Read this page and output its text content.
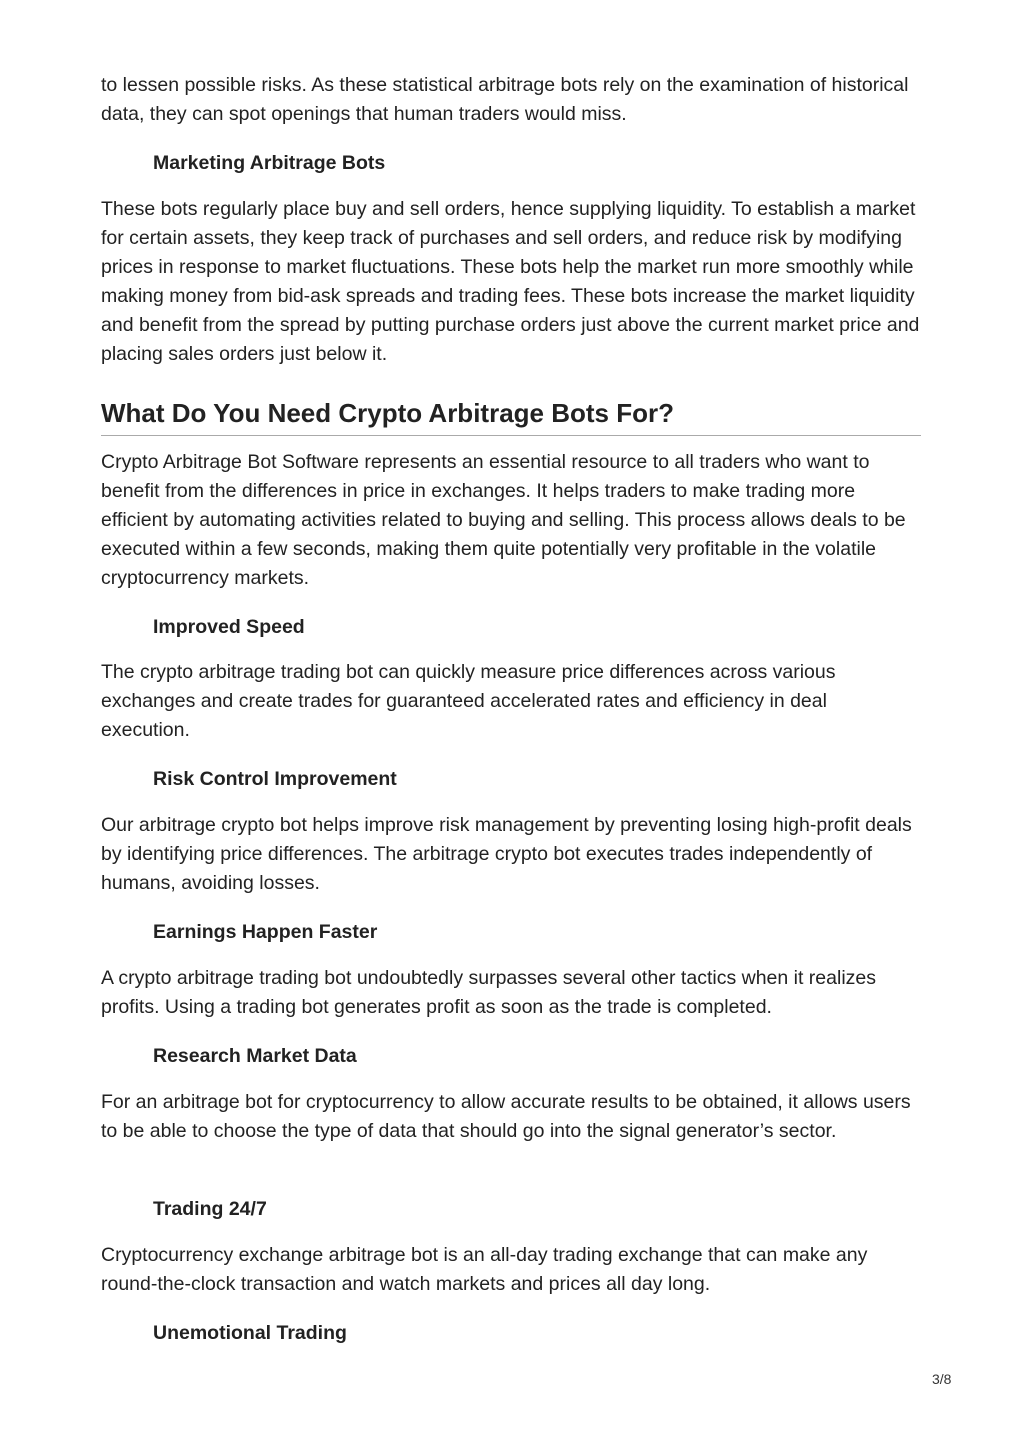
to lessen possible risks. As these statistical arbitrage bots rely on the examination of historical data, they can spot openings that human traders would miss.

Marketing Arbitrage Bots

These bots regularly place buy and sell orders, hence supplying liquidity. To establish a market for certain assets, they keep track of purchases and sell orders, and reduce risk by modifying prices in response to market fluctuations. These bots help the market run more smoothly while making money from bid-ask spreads and trading fees. These bots increase the market liquidity and benefit from the spread by putting purchase orders just above the current market price and placing sales orders just below it.

What Do You Need Crypto Arbitrage Bots For?

Crypto Arbitrage Bot Software represents an essential resource to all traders who want to benefit from the differences in price in exchanges. It helps traders to make trading more efficient by automating activities related to buying and selling. This process allows deals to be executed within a few seconds, making them quite potentially very profitable in the volatile cryptocurrency markets.

Improved Speed

The crypto arbitrage trading bot can quickly measure price differences across various exchanges and create trades for guaranteed accelerated rates and efficiency in deal execution.

Risk Control Improvement

Our arbitrage crypto bot helps improve risk management by preventing losing high-profit deals by identifying price differences. The arbitrage crypto bot executes trades independently of humans, avoiding losses.

Earnings Happen Faster

A crypto arbitrage trading bot undoubtedly surpasses several other tactics when it realizes profits. Using a trading bot generates profit as soon as the trade is completed.

Research Market Data

For an arbitrage bot for cryptocurrency to allow accurate results to be obtained, it allows users to be able to choose the type of data that should go into the signal generator’s sector.

Trading 24/7

Cryptocurrency exchange arbitrage bot is an all-day trading exchange that can make any round-the-clock transaction and watch markets and prices all day long.

Unemotional Trading

3/8
